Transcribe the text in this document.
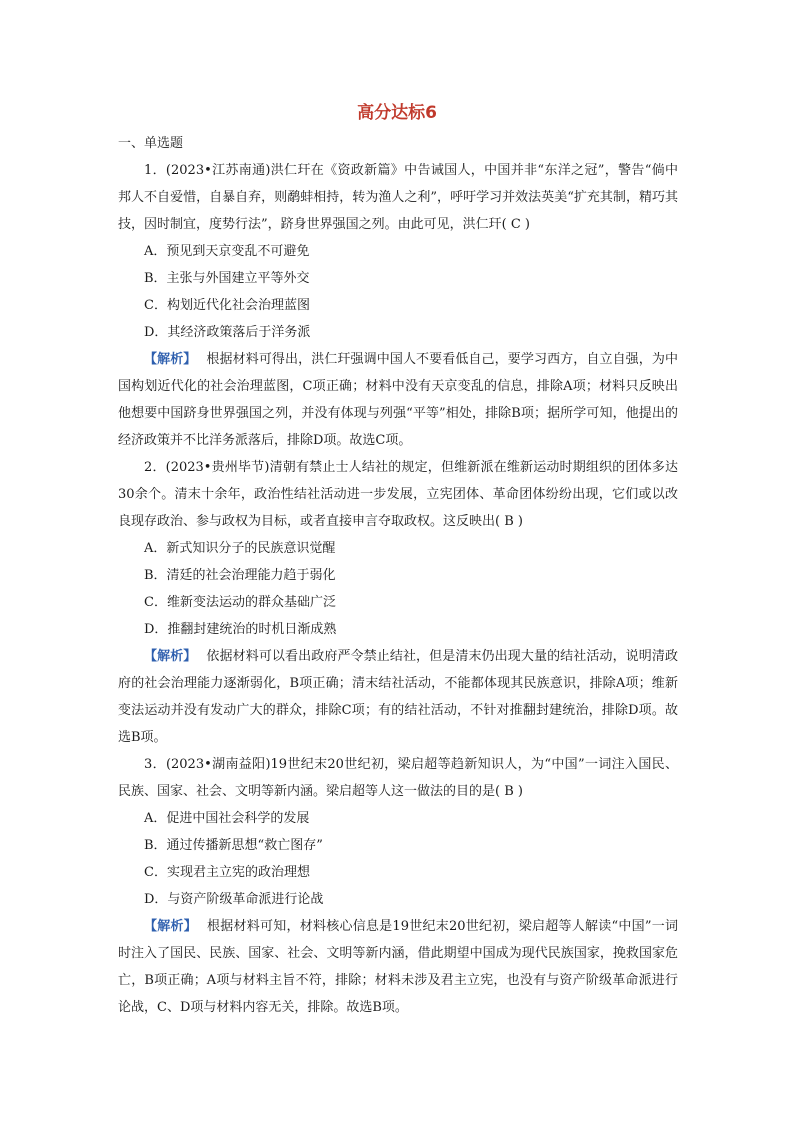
高分达标6

一、单选题

1．(2023•江苏南通)洪仁玕在《资政新篇》中告诫国人，中国并非“东洋之冠”，警告“倘中邦人不自爱惜，自暴自弃，则鹬蚌相持，转为渔人之利”，呼吁学习并效法英美“扩充其制，精巧其技，因时制宜，度势行法”，跻身世界强国之列。由此可见，洪仁玕( C )

A．预见到天京变乱不可避免

B．主张与外国建立平等外交

C．构划近代化社会治理蓝图

D．其经济政策落后于洋务派

【解析】 根据材料可得出，洪仁玕强调中国人不要看低自己，要学习西方，自立自强，为中国构划近代化的社会治理蓝图，C项正确；材料中没有天京变乱的信息，排除A项；材料只反映出他想要中国跻身世界强国之列，并没有体现与列强“平等”相处，排除B项；据所学可知，他提出的经济政策并不比洋务派落后，排除D项。故选C项。

2．(2023•贵州毕节)清朝有禁止士人结社的规定，但维新派在维新运动时期组织的团体多达30余个。清末十余年，政治性结社活动进一步发展，立宪团体、革命团体纷纷出现，它们或以改良现存政治、参与政权为目标，或者直接申言夺取政权。这反映出( B )

A．新式知识分子的民族意识觉醒

B．清廷的社会治理能力趋于弱化

C．维新变法运动的群众基础广泛

D．推翻封建统治的时机日渐成熟

【解析】 依据材料可以看出政府严令禁止结社，但是清末仍出现大量的结社活动，说明清政府的社会治理能力逐渐弱化，B项正确；清末结社活动，不能都体现其民族意识，排除A项；维新变法运动并没有发动广大的群众，排除C项；有的结社活动，不针对推翻封建统治，排除D项。故选B项。

3．(2023•湖南益阳)19世纪末20世纪初，梁启超等趋新知识人，为“中国”一词注入国民、民族、国家、社会、文明等新内涵。梁启超等人这一做法的目的是( B )

A．促进中国社会科学的发展

B．通过传播新思想“救亡图存”

C．实现君主立宪的政治理想

D．与资产阶级革命派进行论战

【解析】 根据材料可知，材料核心信息是19世纪末20世纪初，梁启超等人解读“中国”一词时注入了国民、民族、国家、社会、文明等新内涵，借此期望中国成为现代民族国家，挽救国家危亡，B项正确；A项与材料主旨不符，排除；材料未涉及君主立宪，也没有与资产阶级革命派进行论战，C、D项与材料内容无关，排除。故选B项。
